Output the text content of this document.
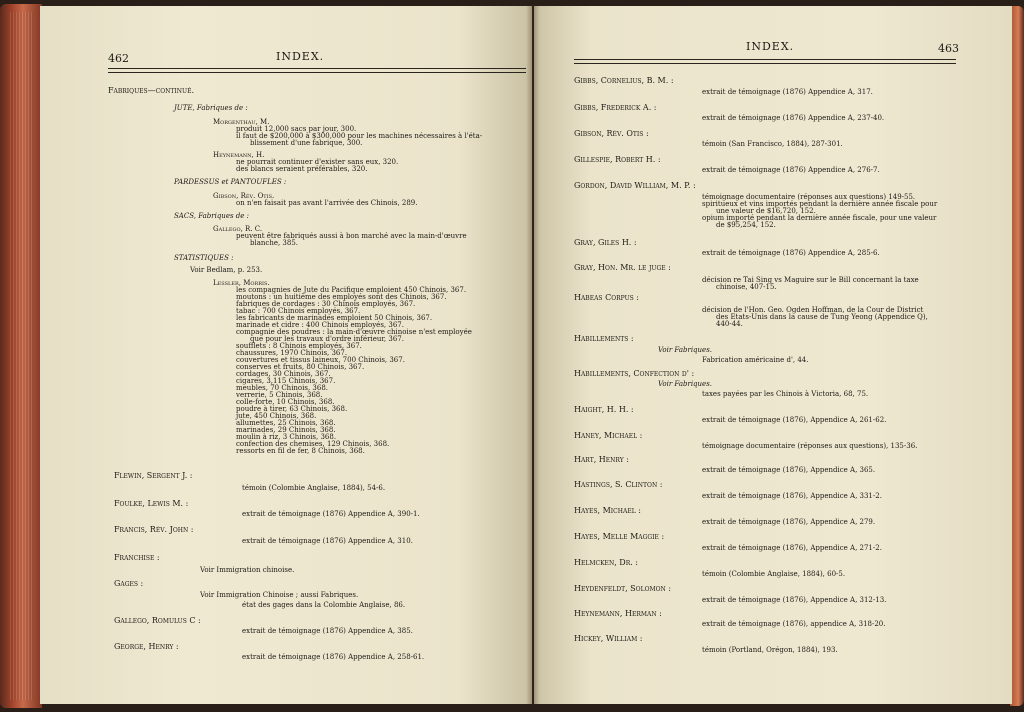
462	INDEX.
Fabriques—continué.
JUTE, Fabriques de :
Morgenthau, M.
produit 12,000 sacs par jour, 300.
il faut de $200,000 à $300,000 pour les machines nécessaires à l'éta-
blissement d'une fabrique, 300.
Heynemann, H.
ne pourrait continuer d'exister sans eux, 320.
des blancs seraient préférables, 320.
PARDESSUS et PANTOUFLES :
Gibson, Rév. Otis.
on n'en faisait pas avant l'arrivée des Chinois, 289.
SACS, Fabriques de :
Gallego, R. C.
peuvent être fabriqués aussi à bon marché avec la main-d'œuvre
blanche, 385.
STATISTIQUES :
Voir Bedlam, p. 253.
Lessler, Morris.
les compagnies de Jute du Pacifique emploient 450 Chinois, 367.
moutons : un huitième des employés sont des Chinois, 367.
fabriques de cordages : 30 Chinois employés, 367.
tabac : 700 Chinois employés, 367.
les fabricants de marinades emploient 50 Chinois, 367.
marinade et cidre : 400 Chinois employés, 367.
compagnie des poudres : la main-d'œuvre chinoise n'est employée
que pour les travaux d'ordre inférieur, 367.
soufflets : 8 Chinois employés, 367.
chaussures, 1970 Chinois, 367.
couvertures et tissus laineux, 700 Chinois, 367.
conserves et fruits, 80 Chinois, 367.
cordages, 30 Chinois, 367.
cigares, 3,115 Chinois, 367.
meubles, 70 Chinois, 368.
verrerie, 5 Chinois, 368.
colle-forte, 10 Chinois, 368.
poudre à tirer, 63 Chinois, 368.
jute, 450 Chinois, 368.
allumettes, 25 Chinois, 368.
marinades, 29 Chinois, 368.
moulin à riz, 3 Chinois, 368.
confection des chemises, 129 Chinois, 368.
ressorts en fil de fer, 8 Chinois, 368.
Flewin, Sergent J. :
témoin (Colombie Anglaise, 1884), 54-6.
Foulke, Lewis M. :
extrait de témoignage (1876) Appendice A, 390-1.
Francis, Rév. John :
extrait de témoignage (1876) Appendice A, 310.
Franchise :
Voir Immigration chinoise.
Gages :
Voir Immigration Chinoise ; aussi Fabriques.
état des gages dans la Colombie Anglaise, 86.
Gallego, Romulus C :
extrait de témoignage (1876) Appendice A, 385.
George, Henry :
extrait de témoignage (1876) Appendice A, 258-61.
INDEX.	463
Gibbs, Cornelius, B. M. :
extrait de témoignage (1876) Appendice A, 317.
Gibbs, Frederick A. :
extrait de témoignage (1876) Appendice A, 237-40.
Gibson, Rév. Otis :
témoin (San Francisco, 1884), 287-301.
Gillespie, Robert H. :
extrait de témoignage (1876) Appendice A, 276-7.
Gordon, David William, M. P. :
témoignage documentaire (réponses aux questions) 149-55.
spiritueux et vins importés pendant la dernière année fiscale pour
une valeur de $16,720, 152.
opium importé pendant la dernière année fiscale, pour une valeur
de $95,254, 152.
Gray, Giles H. :
extrait de témoignage (1876) Appendice A, 285-6.
Gray, Hon. Mr. le juge :
décision re Tai Sing vs Maguire sur le Bill concernant la taxe
chinoise, 407-15.
Habeas Corpus :
décision de l'Hon. Geo. Ogden Hoffman, de la Cour de District
des Etats-Unis dans la cause de Tung Yeong (Appendice Q),
440-44.
Habillements :
Voir Fabriques.
Fabrication américaine d', 44.
Habillements, Confection d' :
Voir Fabriques.
taxes payées par les Chinois à Victoria, 68, 75.
Haight, H. H. :
extrait de témoignage (1876), Appendice A, 261-62.
Haney, Michael :
témoignage documentaire (réponses aux questions), 135-36.
Hart, Henry :
extrait de témoignage (1876), Appendice A, 365.
Hastings, S. Clinton :
extrait de témoignage (1876), Appendice A, 331-2.
Hayes, Michael :
extrait de témoignage (1876), Appendice A, 279.
Hayes, Melle Maggie :
extrait de témoignage (1876), Appendice A, 271-2.
Helmcken, Dr. :
témoin (Colombie Anglaise, 1884), 60-5.
Heydenfeldt, Solomon :
extrait de témoignage (1876), Appendice A, 312-13.
Heynemann, Herman :
extrait de témoignage (1876), appendice A, 318-20.
Hickey, William :
témoin (Portland, Orégon, 1884), 193.
